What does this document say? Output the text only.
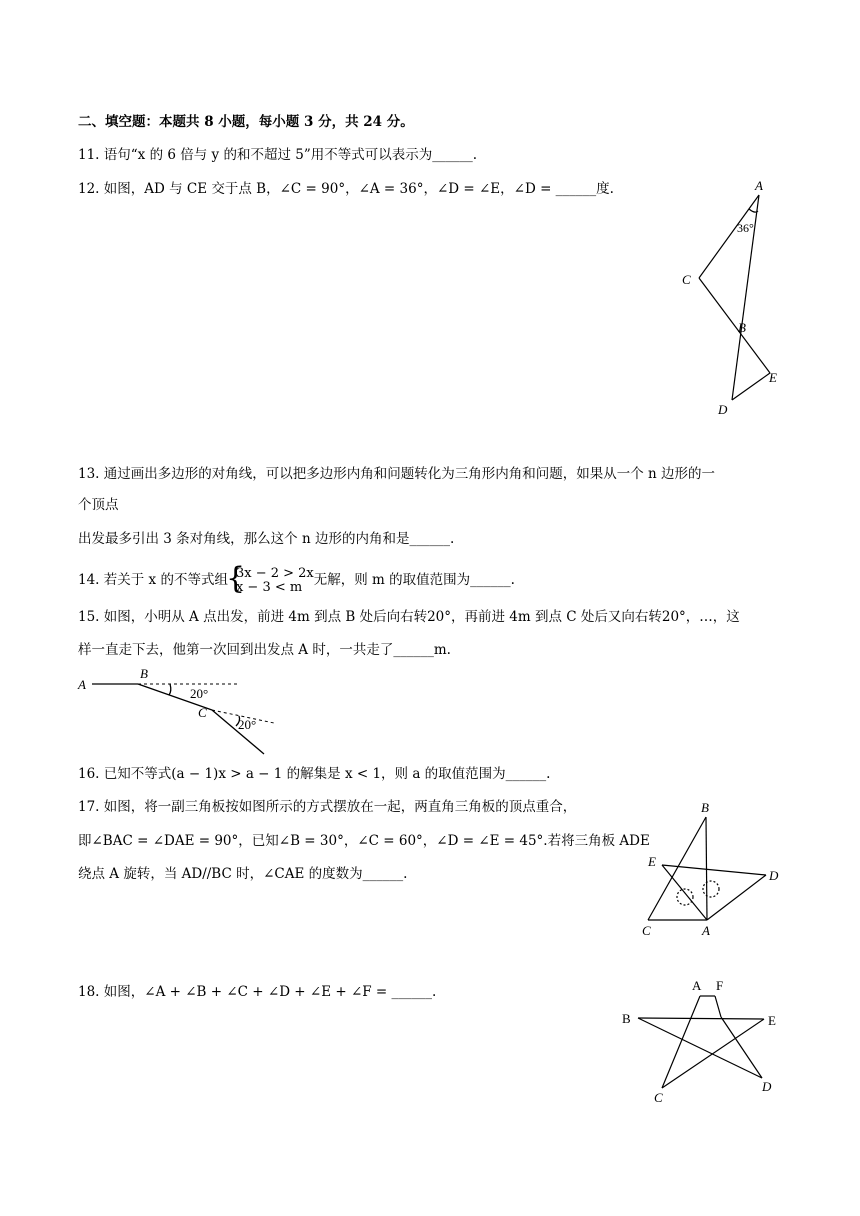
二、填空题：本题共 8 小题，每小题 3 分，共 24 分。
11. 语句“x 的 6 倍与 y 的和不超过 5”用不等式可以表示为______.
12. 如图，AD 与 CE 交于点 B，∠C = 90°，∠A = 36°，∠D = ∠E，∠D = ______度.	A
36°
C
B
E
D
13. 通过画出多边形的对角线，可以把多边形内角和问题转化为三角形内角和问题，如果从一个 n 边形的一
个顶点
出发最多引出 3 条对角线，那么这个 n 边形的内角和是______.
14. 若关于 x 的不等式组
{ 3x − 2 > 2x
x − 3 < m 无解，则 m 的取值范围为______.
15. 如图，小明从 A 点出发，前进 4m 到点 B 处后向右转20°，再前进 4m 到点 C 处后又向右转20°，…，这
样一直走下去，他第一次回到出发点 A 时，一共走了______m.
A
B
20°
C
20°
16. 已知不等式(a − 1)x > a − 1 的解集是 x < 1，则 a 的取值范围为______.
17. 如图，将一副三角板按如图所示的方式摆放在一起，两直角三角板的顶点重合，
即∠BAC = ∠DAE = 90°，已知∠B = 30°，∠C = 60°，∠D = ∠E = 45°.若将三角板 ADE
绕点 A 旋转，当 AD//BC 时，∠CAE 的度数为______.
B
E
D
C	A
18. 如图，∠A + ∠B + ∠C + ∠D + ∠E + ∠F = ______.	A F
B	E
C
D
